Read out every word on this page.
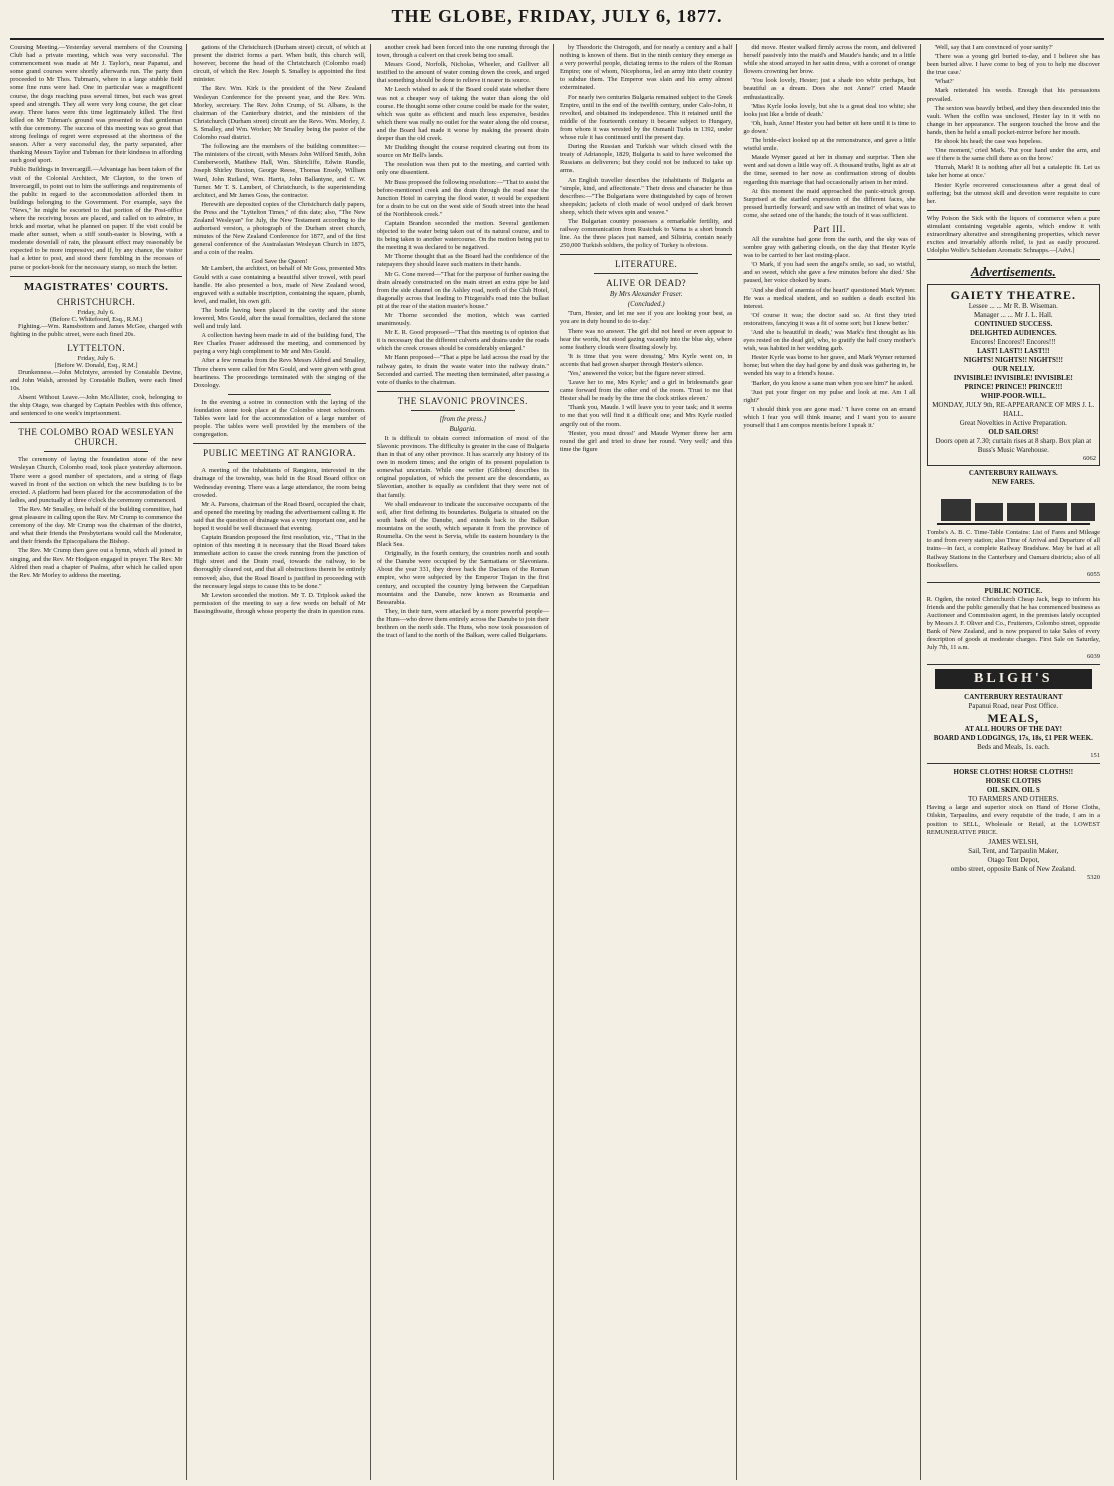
THE GLOBE, FRIDAY, JULY 6, 1877.

Coursing Meeting.—Yesterday several members of the Coursing Club had a private meeting, which was very successful. The commencement was made at Mr J. Taylor's, near Papanui, and some grand courses were shortly afterwards run. The party then proceeded to Mr Thos. Tubman's, where in a large stubble field some fine runs were had. One in particular was a magnificent course, the dogs reaching puss several times, but each was great speed and strength. They all were very long course, the get clear away. Three hares were this time legitimately killed. The first killed on Mr Tubman's ground was presented to that gentleman with due ceremony. The success of this meeting was so great that strong feelings of regret were expressed at the shortness of the season. After a very successful day, the party separated, after thanking Messrs Taylor and Tubman for their kindness in affording such good sport.

Public Buildings in Invercargill.—Advantage has been taken of the visit of the Colonial Architect, Mr Clayton, to the town of Invercargill, to point out to him the sufferings and requirements of the public in regard to the accommodation afforded them in buildings belonging to the Government. For example, says the "News," he might be escorted to that portion of the Post-office where the receiving boxes are placed, and called on to admire, in brick and mortar, what he planned on paper. If the visit could be made after sunset, when a stiff south-easter is blowing, with a moderate downfall of rain, the pleasant effect may reasonably be expected to be more impressive; and if, by any chance, the visitor had a letter to post, and stood there fumbling in the recesses of purse or pocket-book for the necessary stamp, so much the better.

MAGISTRATES' COURTS.
CHRISTCHURCH.
Friday, July 6.
(Before C. Whitefoord, Esq., R.M.)

Fighting.—Wm. Ramsbottom and James McGee, charged with fighting in the public street, were each fined 20s.

LYTTELTON.
Friday, July 6.
[Before W. Donald, Esq., R.M.]

Drunkenness.—John McIntyre, arrested by Constable Devine, and John Walsh, arrested by Constable Bullen, were each fined 10s.

Absent Without Leave.—John McAllister, cook, belonging to the ship Otago, was charged by Captain Peebles with this offence, and sentenced to one week's imprisonment.

THE COLOMBO ROAD WESLEYAN CHURCH.

The ceremony of laying the foundation stone of the new Wesleyan Church, Colombo road, took place yesterday afternoon. There were a good number of spectators, and a string of flags waved in front of the section on which the new building is to be erected. A platform had been placed for the accommodation of the ladies, and punctually at three o'clock the ceremony commenced.

The Rev. Mr Smalley, on behalf of the building committee, had great pleasure in calling upon the Rev. Mr Crump to commence the ceremony of the day. Mr Crump was the chairman of the district, and what their friends the Presbyterians would call the Moderator, and their friends the Episcopalians the Bishop.

The Rev. Mr Crump then gave out a hymn, which all joined in singing, and the Rev. Mr Hodgson engaged in prayer. The Rev. Mr Aldred then read a chapter of Psalms, after which he called upon the Rev. Mr Morley to address the meeting.

gations of the Christchurch (Durham street) circuit, of which at present the district forms a part. When built, this church will, however, become the head of the Christchurch (Colombo road) circuit, of which the Rev. Joseph S. Smalley is appointed the first minister.

The Rev. Wm. Kirk is the president of the New Zealand Wesleyan Conference for the present year, and the Rev. Wm. Morley, secretary. The Rev. John Crump, of St. Albans, is the chairman of the Canterbury district, and the ministers of the Christchurch (Durham street) circuit are the Revs. Wm. Morley, J. S. Smalley, and Wm. Worker; Mr Smalley being the pastor of the Colombo road district.

The following are the members of the building committee:—The ministers of the circuit, with Messrs John Wilford Smith, John Cumberworth, Matthew Hall, Wm. Shirtcliffe, Edwin Rundle, Joseph Shirley Buxton, George Reese, Thomas Ensoly, William Ward, John Rutland, Wm. Harris, John Ballantyne, and C. W. Turner. Mr T. S. Lambert, of Christchurch, is the superintending architect, and Mr James Goss, the contractor.

Herewith are deposited copies of the Christchurch daily papers, the Press and the "Lyttelton Times," of this date; also, "The New Zealand Wesleyan" for July, the New Testament according to the authorised version, a photograph of the Durham street church, minutes of the New Zealand Conference for 1877, and of the first general conference of the Australasian Wesleyan Church in 1875, and a coin of the realm.

God Save the Queen!

Mr Lambert, the architect, on behalf of Mr Goss, presented Mrs Gould with a case containing a beautiful silver trowel, with pearl handle. He also presented a box, made of New Zealand wood, engraved with a suitable inscription, containing the square, plumb, level, and mallet, his own gift.

The bottle having been placed in the cavity and the stone lowered, Mrs Gould, after the usual formalities, declared the stone well and truly laid.

A collection having been made in aid of the building fund, The Rev Charles Fraser addressed the meeting, and commenced by paying a very high compliment to Mr and Mrs Gould.

After a few remarks from the Revs Messrs Aldred and Smalley, Three cheers were called for Mrs Gould, and were given with great heartiness. The proceedings terminated with the singing of the Doxology.

In the evening a soiree in connection with the laying of the foundation stone took place at the Colombo street schoolroom. Tables were laid for the accommodation of a large number of people. The tables were well provided by the members of the congregation.

PUBLIC MEETING AT RANGIORA.

A meeting of the inhabitants of Rangiora, interested in the drainage of the township, was held in the Road Board office on Wednesday evening. There was a large attendance, the room being crowded.

Mr A. Parsons, chairman of the Road Board, occupied the chair, and opened the meeting by reading the advertisement calling it. He said that the question of drainage was a very important one, and he hoped it would be well discussed that evening.

Captain Brandon proposed the first resolution, viz., "That in the opinion of this meeting it is necessary that the Road Board takes immediate action to cause the creek running from the junction of High street and the Drain road, towards the railway, to be thoroughly cleared out, and that all obstructions therein be entirely removed; also, that the Road Board is justified in proceeding with the necessary legal steps to cause this to be done."

Mr Lewton seconded the motion. Mr T. D. Triplook asked the permission of the meeting to say a few words on behalf of Mr Bassingthwaite, through whose property the drain in question runs.

another creek had been forced into the one running through the town, through a culvert on that creek being too small.

Messrs Good, Norfolk, Nicholas, Wheeler, and Gulliver all testified to the amount of water coming down the creek, and urged that something should be done to relieve it nearer its source.

Mr Leech wished to ask if the Board could state whether there was not a cheaper way of taking the water than along the old course. He thought some other course could be made for the water, which was quite as efficient and much less expensive, besides which there was really no outlet for the water along the old course, and the Board had made it worse by making the present drain deeper than the old creek.

Mr Dudding thought the course required clearing out from its source on Mr Bell's lands.

The resolution was then put to the meeting, and carried with only one dissentient.

Mr Buss proposed the following resolution:—"That to assist the before-mentioned creek and the drain through the road near the Junction Hotel in carrying the flood water, it would be expedient for a drain to be cut on the west side of South street into the head of the Northbrook creek."

Captain Brandon seconded the motion. Several gentlemen objected to the water being taken out of its natural course, and to its being taken to another watercourse. On the motion being put to the meeting it was declared to be negatived.

Mr Thorne thought that as the Board had the confidence of the ratepayers they should leave such matters in their hands.

Mr G. Cone moved—"That for the purpose of further easing the drain already constructed on the main street an extra pipe be laid from the side channel on the Ashley road, north of the Club Hotel, diagonally across that leading to Fitzgerald's road into the bullast pit at the rear of the station master's house."

Mr Thorne seconded the motion, which was carried unanimously.

Mr E. R. Good proposed—"That this meeting is of opinion that it is necessary that the different culverts and drains under the roads which the creek crosses should be considerably enlarged."

Mr Hann proposed—"That a pipe be laid across the road by the railway gates, to drain the waste water into the railway drain." Seconded and carried. The meeting then terminated, after passing a vote of thanks to the chairman.

THE SLAVONIC PROVINCES.
[from the press.]
Bulgaria.

It is difficult to obtain correct information of most of the Slavonic provinces. The difficulty is greater in the case of Bulgaria than in that of any other province. It has scarcely any history of its own in modern times; and the origin of its present population is somewhat uncertain. While one writer (Gibbon) describes its original population, of which the present are the descendants, as Slavonian, another is equally as confident that they were not of that family.

We shall endeavour to indicate the successive occupants of the soil, after first defining its boundaries. Bulgaria is situated on the south bank of the Danube, and extends back to the Balkan mountains on the south, which separate it from the province of Roumelia. On the west is Servia, while its eastern boundary is the Black Sea.

Originally, in the fourth century, the countries north and south of the Danube were occupied by the Sarmatians or Slavonians. About the year 331, they drove back the Dacians of the Roman empire, who were subjected by the Emperor Trajan in the first century, and occupied the country lying between the Carpathian mountains and the Danube, now known as Roumania and Bessarabia.

They, in their turn, were attacked by a more powerful people—the Huns—who drove them entirely across the Danube to join their brethren on the north side. The Huns, who now took possession of the tract of land to the north of the Balkan, were called Bulgarians.

by Theodoric the Ostrogoth, and for nearly a century and a half nothing is known of them. But in the ninth century they emerge as a very powerful people, dictating terms to the rulers of the Roman Empire; one of whom, Nicephorus, led an army into their country to subdue them. The Emperor was slain and his army almost exterminated.

For nearly two centuries Bulgaria remained subject to the Greek Empire, until in the end of the twelfth century, under Calo-John, it revolted, and obtained its independence. This it retained until the middle of the fourteenth century it became subject to Hungary, from whom it was wrested by the Osmanli Turks in 1392, under whose rule it has continued until the present day.

During the Russian and Turkish war which closed with the treaty of Adrianople, 1829, Bulgaria is said to have welcomed the Russians as deliverers; but they could not be induced to take up arms.

An English traveller describes the inhabitants of Bulgaria as "simple, kind, and affectionate." Their dress and character he thus describes:—"The Bulgarians were distinguished by caps of brown sheepskin; jackets of cloth made of wool undyed of dark brown sheep, which their wives spin and weave."

The Bulgarian country possesses a remarkable fertility, and railway communication from Rustchuk to Varna is a short branch line. As the three places just named, and Silistria, contain nearly 250,000 Turkish soldiers, the policy of Turkey is obvious.

LITERATURE.
ALIVE OR DEAD?
By Mrs Alexander Fraser.
(Concluded.)

'Turn, Hester, and let me see if you are looking your best, as you are in duty bound to do to-day.'

There was no answer. The girl did not heed or even appear to hear the words, but stood gazing vacantly into the blue sky, where some feathery clouds were floating slowly by.

'It is time that you were dressing,' Mrs Kyrle went on, in accents that had grown sharper through Hester's silence.

'Yes,' answered the voice; but the figure never stirred.

'Leave her to me, Mrs Kyrle;' and a girl in bridesmaid's gear came forward from the other end of the room. 'Trust to me that Hester shall be ready by the time the clock strikes eleven.'

'Thank you, Maude. I will leave you to your task; and it seems to me that you will find it a difficult one; and Mrs Kyrle rustled angrily out of the room.

'Hester, you must dress!' and Maude Wymer threw her arm round the girl and tried to draw her round. 'Very well;' and this time the figure

did move. Hester walked firmly across the room, and delivered herself passively into the maid's and Maude's hands; and in a little while she stood arrayed in her satin dress, with a coronet of orange flowers crowning her brow.

'You look lovely, Hester; just a shade too white perhaps, but beautiful as a dream. Does she not Anne?' cried Maude enthusiastically.

'Miss Kyrle looks lovely, but she is a great deal too white; she looks just like a bride of death.'

'Oh, hush, Anne! Hester you had better sit here until it is time to go down.'

The bride-elect looked up at the remonstrance, and gave a little wistful smile.

Maude Wymer gazed at her in dismay and surprise. Then she went and sat down a little way off. A thousand truths, light as air at the time, seemed to her now as confirmation strong of doubts regarding this marriage that had occasionally arisen in her mind.

At this moment the maid approached the panic-struck group. Surprised at the startled expression of the different faces, she pressed hurriedly forward; and saw with an instinct of what was to come, she seized one of the hands; the touch of it was sufficient.

Part III.

All the sunshine had gone from the earth, and the sky was of sombre gray with gathering clouds, on the day that Hester Kyrle was to be carried to her last resting-place.

'O Mark, if you had seen the angel's smile, so sad, so wistful, and so sweet, which she gave a few minutes before she died.' She paused, her voice choked by tears.

'And she died of anæmia of the heart?' questioned Mark Wymer. He was a medical student, and so sudden a death excited his interest.

'Of course it was; the doctor said so. At first they tried restoratives, fancying it was a fit of some sort; but I knew better.'

'And she is beautiful in death,' was Mark's first thought as his eyes rested on the dead girl, who, to gratify the half crazy mother's wish, was habited in her wedding garb.

Hester Kyrle was borne to her grave, and Mark Wymer returned home; but when the day had gone by and dusk was gathering in, he wended his way to a friend's house.

'Barker, do you know a sane man when you see him?' he asked.

'Just put your finger on my pulse and look at me. Am I all right?'

'I should think you are gone mad.' 'I have come on an errand which I fear you will think insane; and I want you to assure yourself that I am compos mentis before I speak it.'

'Well, say that I am convinced of your sanity?'

'There was a young girl buried to-day, and I believe she has been buried alive. I have come to beg of you to help me discover the true case.'

'What?'

Mark reiterated his words. Enough that his persuasions prevailed.

The sexton was heavily bribed, and they then descended into the vault. When the coffin was unclosed, Hester lay in it with no change in her appearance. The surgeon touched the brow and the hands, then he held a small pocket-mirror before her mouth.

He shook his head; the case was hopeless.

'One moment,' cried Mark. 'Put your hand under the arm, and see if there is the same chill there as on the brow.'

'Hurrah, Mark! It is nothing after all but a cataleptic fit. Let us take her home at once.'

Hester Kyrle recovered consciousness after a great deal of suffering; but the utmost skill and devotion were requisite to cure her.

Why Poison the Sick with the liquors of commerce when a pure stimulant containing vegetable agents, which endow it with extraordinary alterative and strengthening properties, which never excites and invariably affords relief, is just as easily procured. Udolpho Wolfe's Schiedam Aromatic Schnapps.—[Advt.]

Advertisements.
GAIETY THEATRE.
Lessee ... ... Mr R. B. Wiseman.
Manager ... ... Mr J. L. Hall.
CONTINUED SUCCESS.
DELIGHTED AUDIENCES.
Encores! Encores!! Encores!!!
LAST! LAST!! LAST!!!
NIGHTS! NIGHTS!! NIGHTS!!!
OUR NELLY.
INVISIBLE! INVISIBLE! INVISIBLE!
PRINCE! PRINCE!! PRINCE!!!
WHIP-POOR-WILL.
MONDAY, JULY 9th, RE-APPEARANCE OF MRS J. L. HALL.
Great Novelties in Active Preparation.
OLD SAILORS!
Doors open at 7.30; curtain rises at 8 sharp. Box plan at Buss's Music Warehouse.
6062
CANTERBURY RAILWAYS.
NEW FARES.

Tombs's A. B. C. Time-Table Contains: List of Fares and Mileage to and from every station; also Time of Arrival and Departure of all trains—in fact, a complete Railway Bradshaw. May be had at all Railway Stations in the Canterbury and Oamaru districts; also of all Booksellers.

6055
PUBLIC NOTICE.

R. Ogden, the noted Christchurch Cheap Jack, begs to inform his friends and the public generally that he has commenced business as Auctioneer and Commission agent, in the premises lately occupied by Messrs J. F. Oliver and Co., Fruiterers, Colombo street, opposite Bank of New Zealand, and is now prepared to take Sales of every description of goods at moderate charges. First Sale on Saturday, July 7th, 11 a.m.

6039
BLIGH'S
CANTERBURY RESTAURANT
Papanui Road, near Post Office.
MEALS,
AT ALL HOURS OF THE DAY!
BOARD AND LODGINGS, 17s, 18s, £1 PER WEEK.
Beds and Meals, 1s. each.
151
HORSE CLOTHS! HORSE CLOTHS!!
HORSE CLOTHS
OIL SKIN. OIL S
TO FARMERS AND OTHERS.

Having a large and superior stock on Hand of Horse Cloths, Oilskin, Tarpaulins, and every requisite of the trade, I am in a position to SELL, Wholesale or Retail, at the LOWEST REMUNERATIVE PRICE.

JAMES WELSH,
Sail, Tent, and Tarpaulin Maker,
Otago Tent Depot,
ombo street, opposite Bank of New Zealand.
5320
